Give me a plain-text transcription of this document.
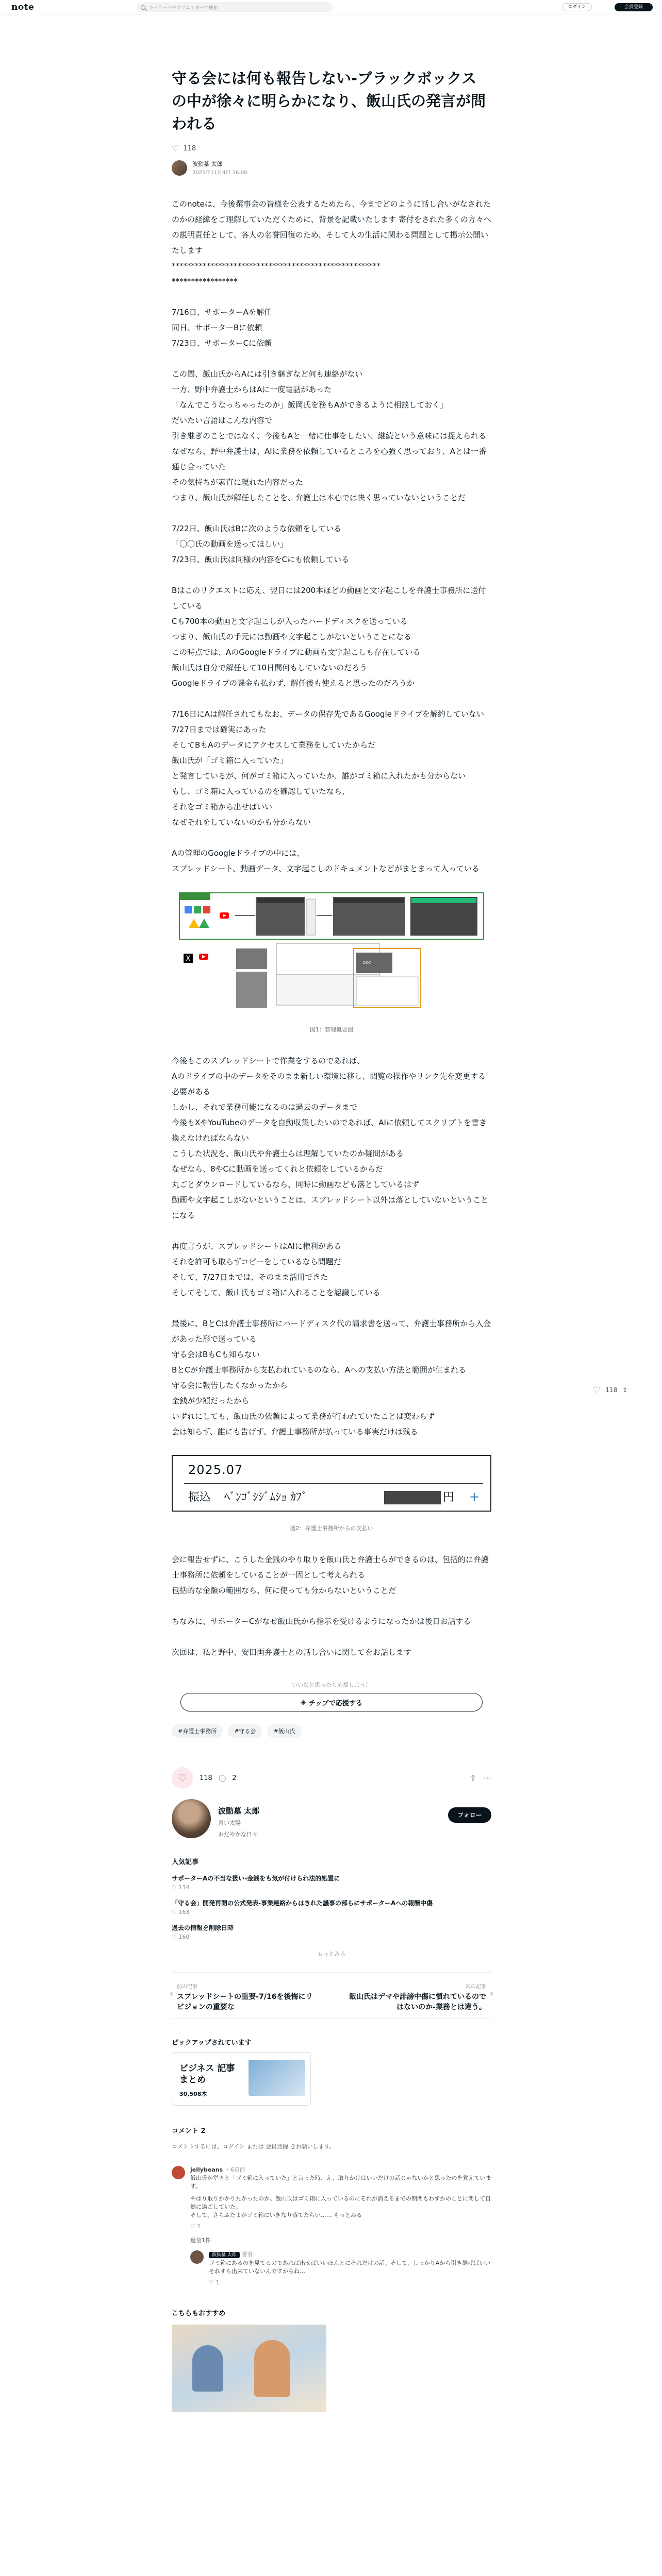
note	キーワードやクリエイターで検索	ログイン	会員登録
♡ 118 ⇪
守る会には何も報告しない-ブラックボックスの中が徐々に明らかになり、飯山氏の発言が問われる
♡ 118
波動墓 太郎
2025年11月4日 16:00

このnoteは、今後撰事会の皆様を公表するためたら、今までどのように話し合いがなされたのかの経緯をご理解していただくために、背景を記載いたします 寄付をされた多くの方々への説明責任として、各人の名誉回復のため、そして人の生活に関わる問題として掲示公開いたします

******************************************************

*****************

7/16日、サポーターAを解任

同日、サポーターBに依頼

7/23日、サポーターCに依頼

この間、飯山氏からAには引き継ぎなど何も連絡がない

一方、野中弁護士からはAに一度電話があった

「なんでこうなっちゃったのか」飯岡氏を務もAができるように相談しておく」

だいたい言語はこんな内容で

引き継ぎのことではなく、今後もAと一緒に仕事をしたい、継続という意味には捉えられる

なぜなら、野中弁護士は、AIに業務を依頼しているところを心強く思っており、Aとは一番通じ合っていた

その気持ちが素直に現れた内容だった

つまり、飯山氏が解任したことを、弁護士は本心では快く思っていないということだ

7/22日、飯山氏はBに次のような依頼をしている

「〇〇氏の動画を送ってほしい」

7/23日、飯山氏は同様の内容をCにも依頼している

Bはこのリクエストに応え、翌日には200本ほどの動画と文字起こしを弁護士事務所に送付している

Cも700本の動画と文字起こしが入ったハードディスクを送っている

つまり、飯山氏の手元には動画や文字起こしがないということになる

この時点では、AのGoogleドライブに動画も文字起こしも存在している

飯山氏は自分で解任して10日間何もしていないのだろう

Googleドライブの課金も払わず、解任後も使えると思ったのだろうか

7/16日にAは解任されてもなお、データの保存先であるGoogleドライブを解約していない

7/27日までは確実にあった

そしてBもAのデータにアクセスして業務をしていたからだ

飯山氏が「ゴミ箱に入っていた」

と発言しているが、何がゴミ箱に入っていたか、誰がゴミ箱に入れたかも分からない

もし、ゴミ箱に入っているのを確認していたなら、

それをゴミ箱から出せばいい

なぜそれをしていないのかも分からない

Aの管理のGoogleドライブの中には、

スプレッドシート、動画データ、文字起こしのドキュメントなどがまとまって入っている

X	DOC
図1：管理概要図

今後もこのスプレッドシートで作業をするのであれば、

Aのドライブの中のデータをそのまま新しい環境に移し、閲覧の操作やリンク先を変更する必要がある

しかし、それで業務可能になるのは過去のデータまで

今後もXやYouTubeのデータを自動収集したいのであれば、AIに依頼してスクリプトを書き換えなければならない

こうした状況を、飯山氏や弁護士らは理解していたのか疑問がある

なぜなら、8やCに動画を送ってくれと依頼をしているからだ

丸ごとダウンロードしているなら、同時に動画なども落としているはず

動画や文字起こしがないということは、スプレッドシート以外は落としていないということになる

再度言うが、スプレッドシートはAIに権利がある

それを許可も取らずコピーをしているなら問題だ

そして、7/27日までは、そのまま活用できた

そしてそして、飯山氏もゴミ箱に入れることを認識している

最後に、BとCは弁護士事務所にハードディスク代の請求書を送って、弁護士事務所から入金があった形で送っている

守る会はBもCも知らない

BとCが弁護士事務所から支払われているのなら、Aへの支払い方法と範囲が生まれる

守る会に報告したくなかったから

金銭が少額だったから

いずれにしても、飯山氏の依頼によって業務が行われていたことは変わらず

会は知らず、誰にも告げず、弁護士事務所が払っている事実だけは残る

2025.07
振込 ﾍﾞﾝｺﾞｼｼﾞﾑｼｮ ｶﾌﾞ	円 +
図2：弁護士事務所からの支払い

会に報告せずに、こうした金銭のやり取りを飯山氏と弁護士らができるのは、包括的に弁護士事務所に依頼をしていることが一因として考えられる

包括的な金額の範囲なら、何に使っても分からないということだ

ちなみに、サポーターCがなぜ飯山氏から指示を受けるようになったかは後日お話する

次回は、私と野中、安田両弁護士との話し合いに関してをお話します

いいなと思ったら応援しよう！
◈ チップで応援する
#弁護士事務所	#守る会	#飯山氏
♡ 118 ◯ 2	⇪ ⋯
波動墓 太郎
青い太陽
おだやかな日々
フォロー
人気記事
サポーターAの不当な扱い-金銭をも気が付けられ法的処置に
♡ 134
「守る会」開発再開の公式発表-事業連絡からはきれた議事の部らにサポーターAへの報酬中傷
♡ 163
過去の情報を削除日時
♡ 160
もっとみる
‹
前の記事
スプレッドシートの重要-7/16を後悔にリビジョンの重要な
次の記事
飯山氏はデマや誹謗中傷に慣れているのではないのか-業務とは違う。
›
ピックアップされています
ビジネス 記事まとめ
30,508本
コメント 2
コメントするには、ログイン または 会員登録 をお願いします。
jellybeans ・6日前
飯山氏が堂々と「ゴミ箱に入っていた」と言った時、え、取りかけはいいだけの話じゃないかと思ったのを覚えています。
やはり取りかかりたかったのか。飯山氏はゴミ箱に入っているのにそれが消えるまでの期間もわずかのことに関して自然に過ごしていた。
そして、さらふたよがゴミ箱にいきなり落てたらい…… もっとみる
♡ 1
返信1件
波動墓 太郎 著者
ゴミ箱にあるのを見てるのであれば出せばいいほんとにそれだけの話。そして、しっかりAから引き継げばいいそれすら出来ていないんですからね…
♡ 1
こちらもおすすめ
